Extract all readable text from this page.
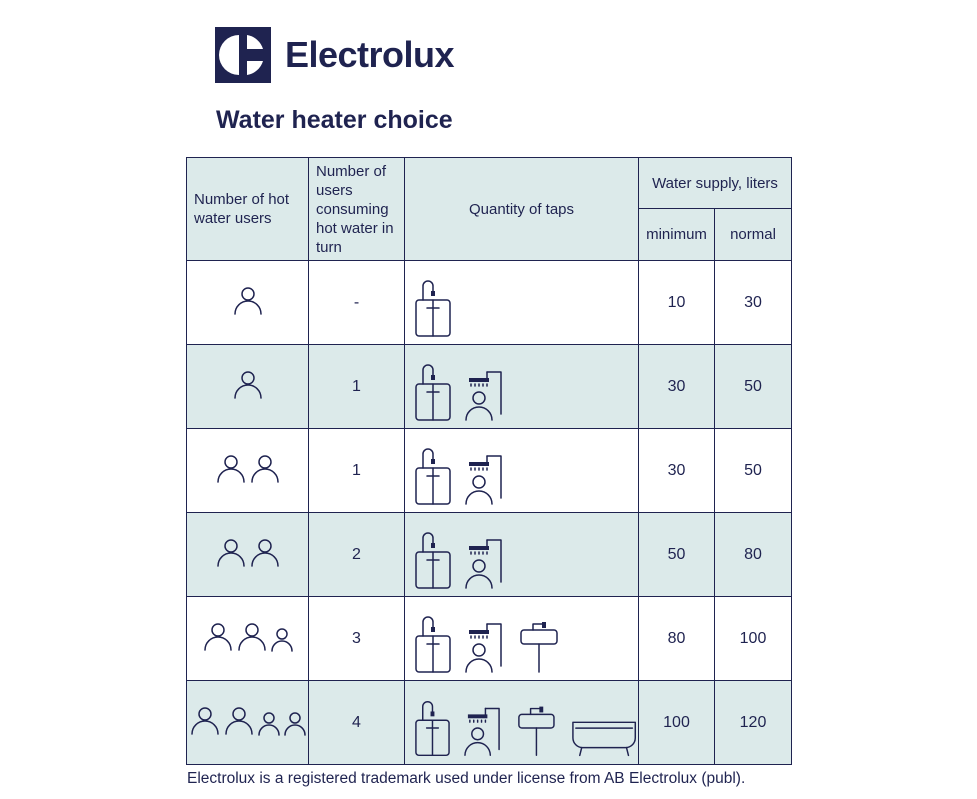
Electrolux
Water heater choice
Number of hot water users	Number of users consuming hot water in turn	Quantity of taps	Water supply, liters	
			minimum	normal

	-		10	30

	1		30	50

	1		30	50

	2		50	80

	3		80	100

	4		100	120
Electrolux is a registered trademark used under license from AB Electrolux (publ).
